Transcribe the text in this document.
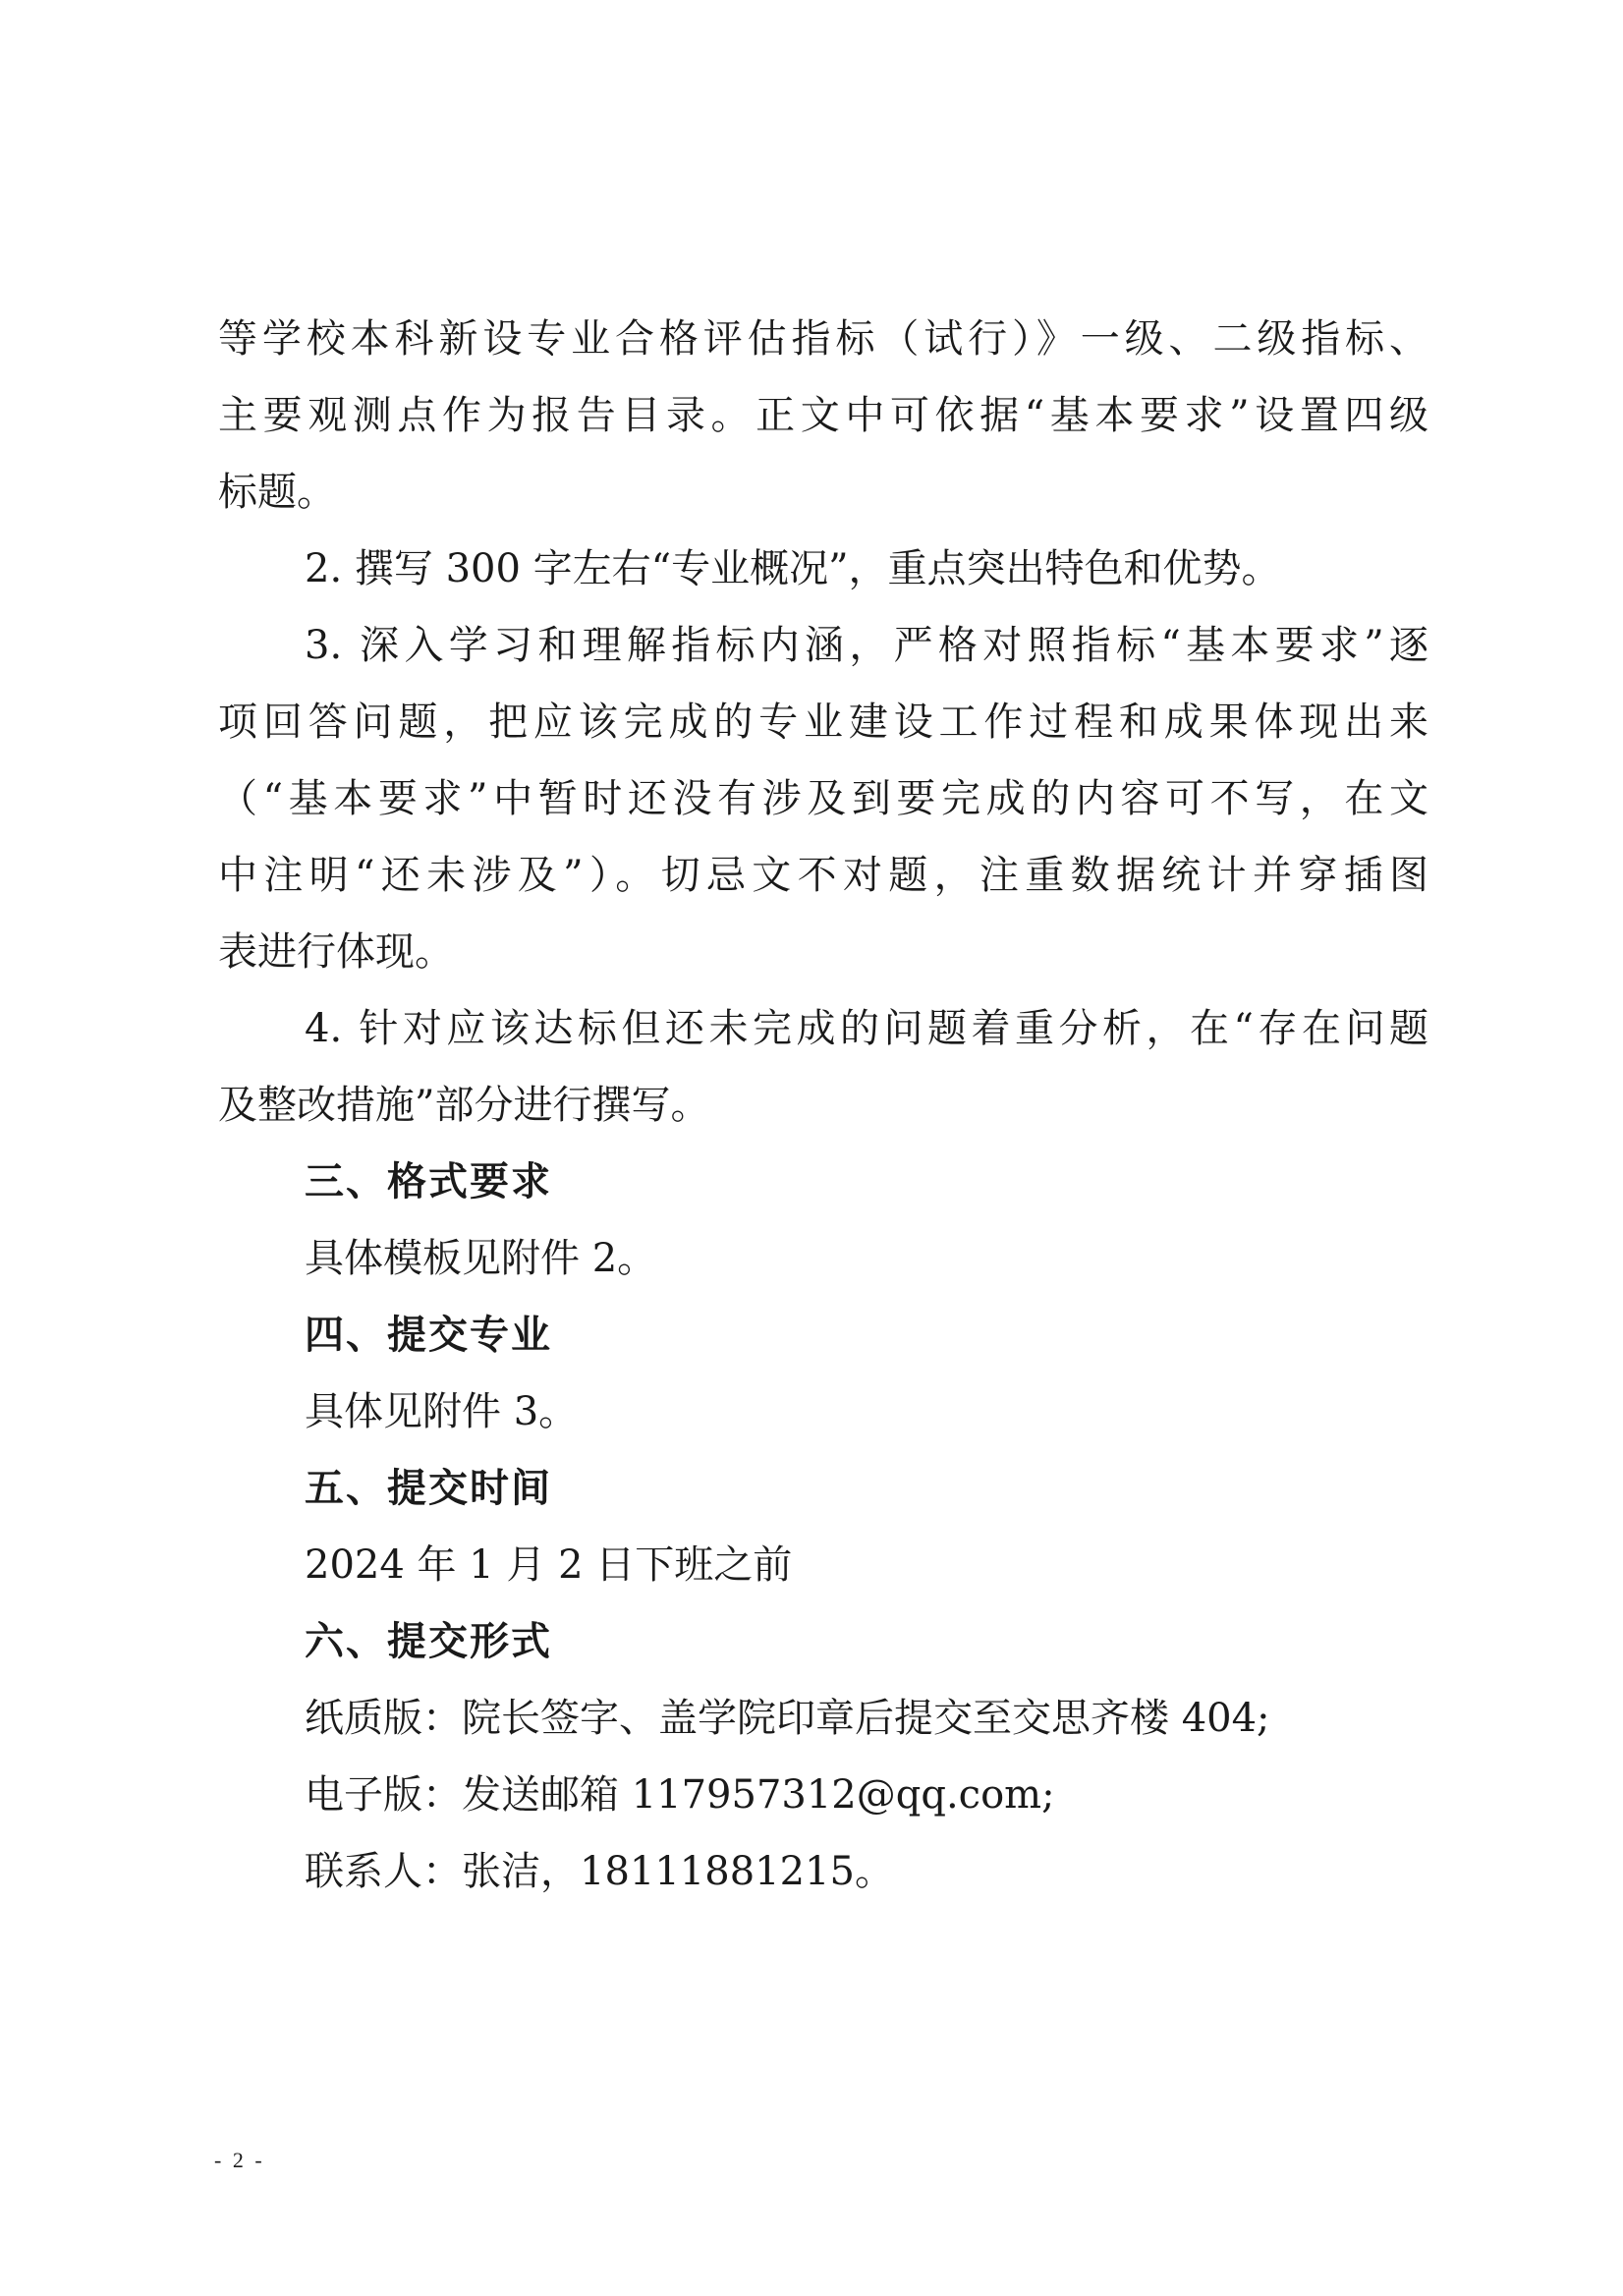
等学校本科新设专业合格评估指标（试行）》一级、二级指标、
主要观测点作为报告目录。正文中可依据“基本要求”设置四级
标题。
2. 撰写 300 字左右“专业概况”，重点突出特色和优势。
3. 深入学习和理解指标内涵，严格对照指标“基本要求”逐
项回答问题，把应该完成的专业建设工作过程和成果体现出来
（“基本要求”中暂时还没有涉及到要完成的内容可不写，在文
中注明“还未涉及”）。切忌文不对题，注重数据统计并穿插图
表进行体现。
4. 针对应该达标但还未完成的问题着重分析，在“存在问题
及整改措施”部分进行撰写。
三、格式要求
具体模板见附件 2。
四、提交专业
具体见附件 3。
五、提交时间
2024 年 1 月 2 日下班之前
六、提交形式
纸质版：院长签字、盖学院印章后提交至交思齐楼 404;
电子版：发送邮箱 117957312@qq.com;
联系人：张洁，18111881215。
- 2 -
